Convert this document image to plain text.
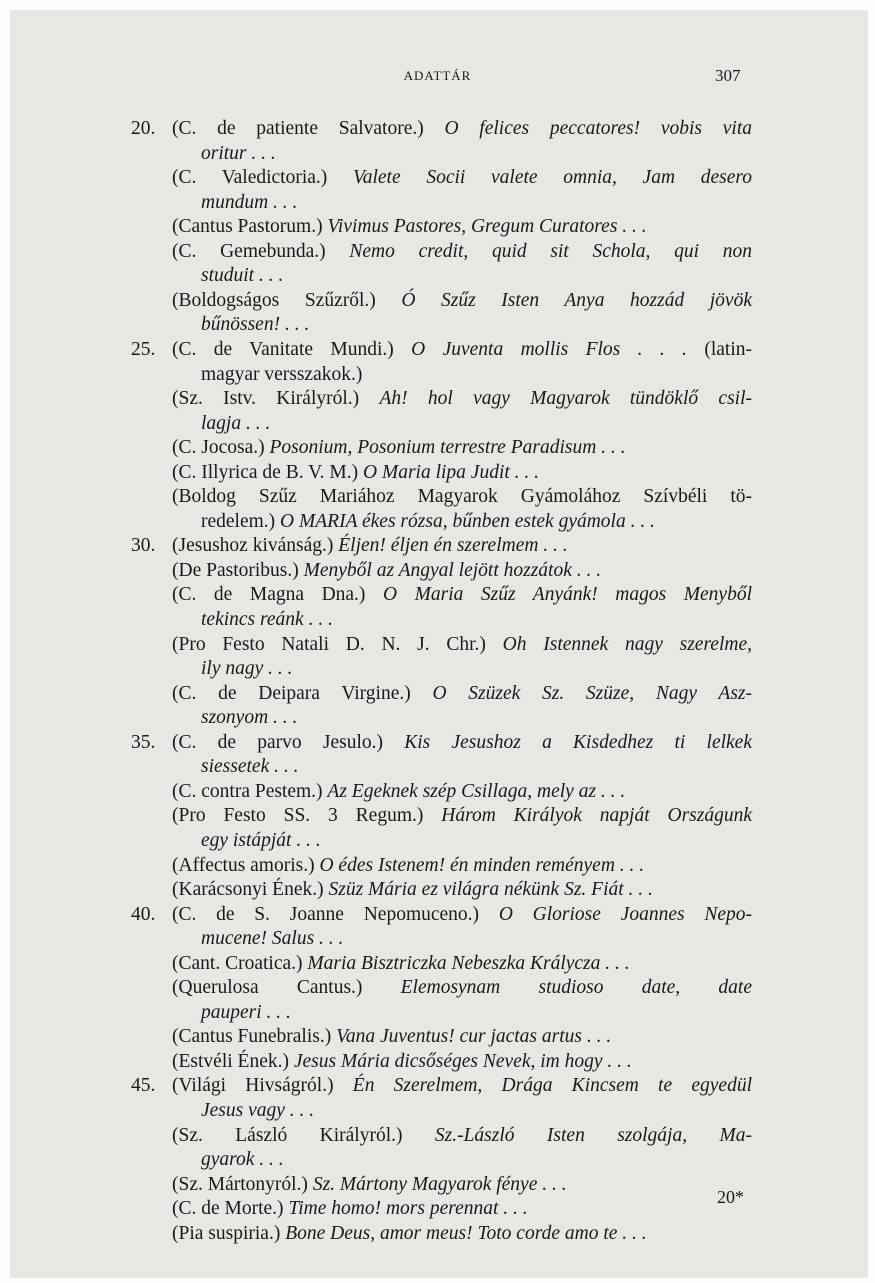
ADATTÁR	307
20. (C. de patiente Salvatore.) O felices peccatores! vobis vita
oritur . . .
(C. Valedictoria.) Valete Socii valete omnia, Jam desero
mundum . . .
(Cantus Pastorum.) Vivimus Pastores, Gregum Curatores . . .
(C. Gemebunda.) Nemo credit, quid sit Schola, qui non
studuit . . .
(Boldogságos Szűzről.) Ó Szűz Isten Anya hozzád jövök
bűnössen! . . .
25. (C. de Vanitate Mundi.) O Juventa mollis Flos . . . (latin-
magyar versszakok.)
(Sz. Istv. Királyról.) Ah! hol vagy Magyarok tündöklő csil-
lagja . . .
(C. Jocosa.) Posonium, Posonium terrestre Paradisum . . .
(C. Illyrica de B. V. M.) O Maria lipa Judit . . .
(Boldog Szűz Mariához Magyarok Gyámolához Szívbéli tö-
redelem.) O MARIA ékes rózsa, bűnben estek gyámola . . .
30. (Jesushoz kivánság.) Éljen! éljen én szerelmem . . .
(De Pastoribus.) Menyből az Angyal lejött hozzátok . . .
(C. de Magna Dna.) O Maria Szűz Anyánk! magos Menyből
tekincs reánk . . .
(Pro Festo Natali D. N. J. Chr.) Oh Istennek nagy szerelme,
ily nagy . . .
(C. de Deipara Virgine.) O Szüzek Sz. Szüze, Nagy Asz-
szonyom . . .
35. (C. de parvo Jesulo.) Kis Jesushoz a Kisdedhez ti lelkek
siessetek . . .
(C. contra Pestem.) Az Egeknek szép Csillaga, mely az . . .
(Pro Festo SS. 3 Regum.) Három Királyok napját Országunk
egy istápját . . .
(Affectus amoris.) O édes Istenem! én minden reményem . . .
(Karácsonyi Ének.) Szüz Mária ez világra nékünk Sz. Fiát . . .
40. (C. de S. Joanne Nepomuceno.) O Gloriose Joannes Nepo-
mucene! Salus . . .
(Cant. Croatica.) Maria Bisztriczka Nebeszka Králycza . . .
(Querulosa Cantus.) Elemosynam studioso date, date
pauperi . . .
(Cantus Funebralis.) Vana Juventus! cur jactas artus . . .
(Estvéli Ének.) Jesus Mária dicsőséges Nevek, im hogy . . .
45. (Világi Hivságról.) Én Szerelmem, Drága Kincsem te egyedül
Jesus vagy . . .
(Sz. László Királyról.) Sz.-László Isten szolgája, Ma-
gyarok . . .
(Sz. Mártonyról.) Sz. Mártony Magyarok fénye . . .
(C. de Morte.) Time homo! mors perennat . . .
(Pia suspiria.) Bone Deus, amor meus! Toto corde amo te . . .
20*
